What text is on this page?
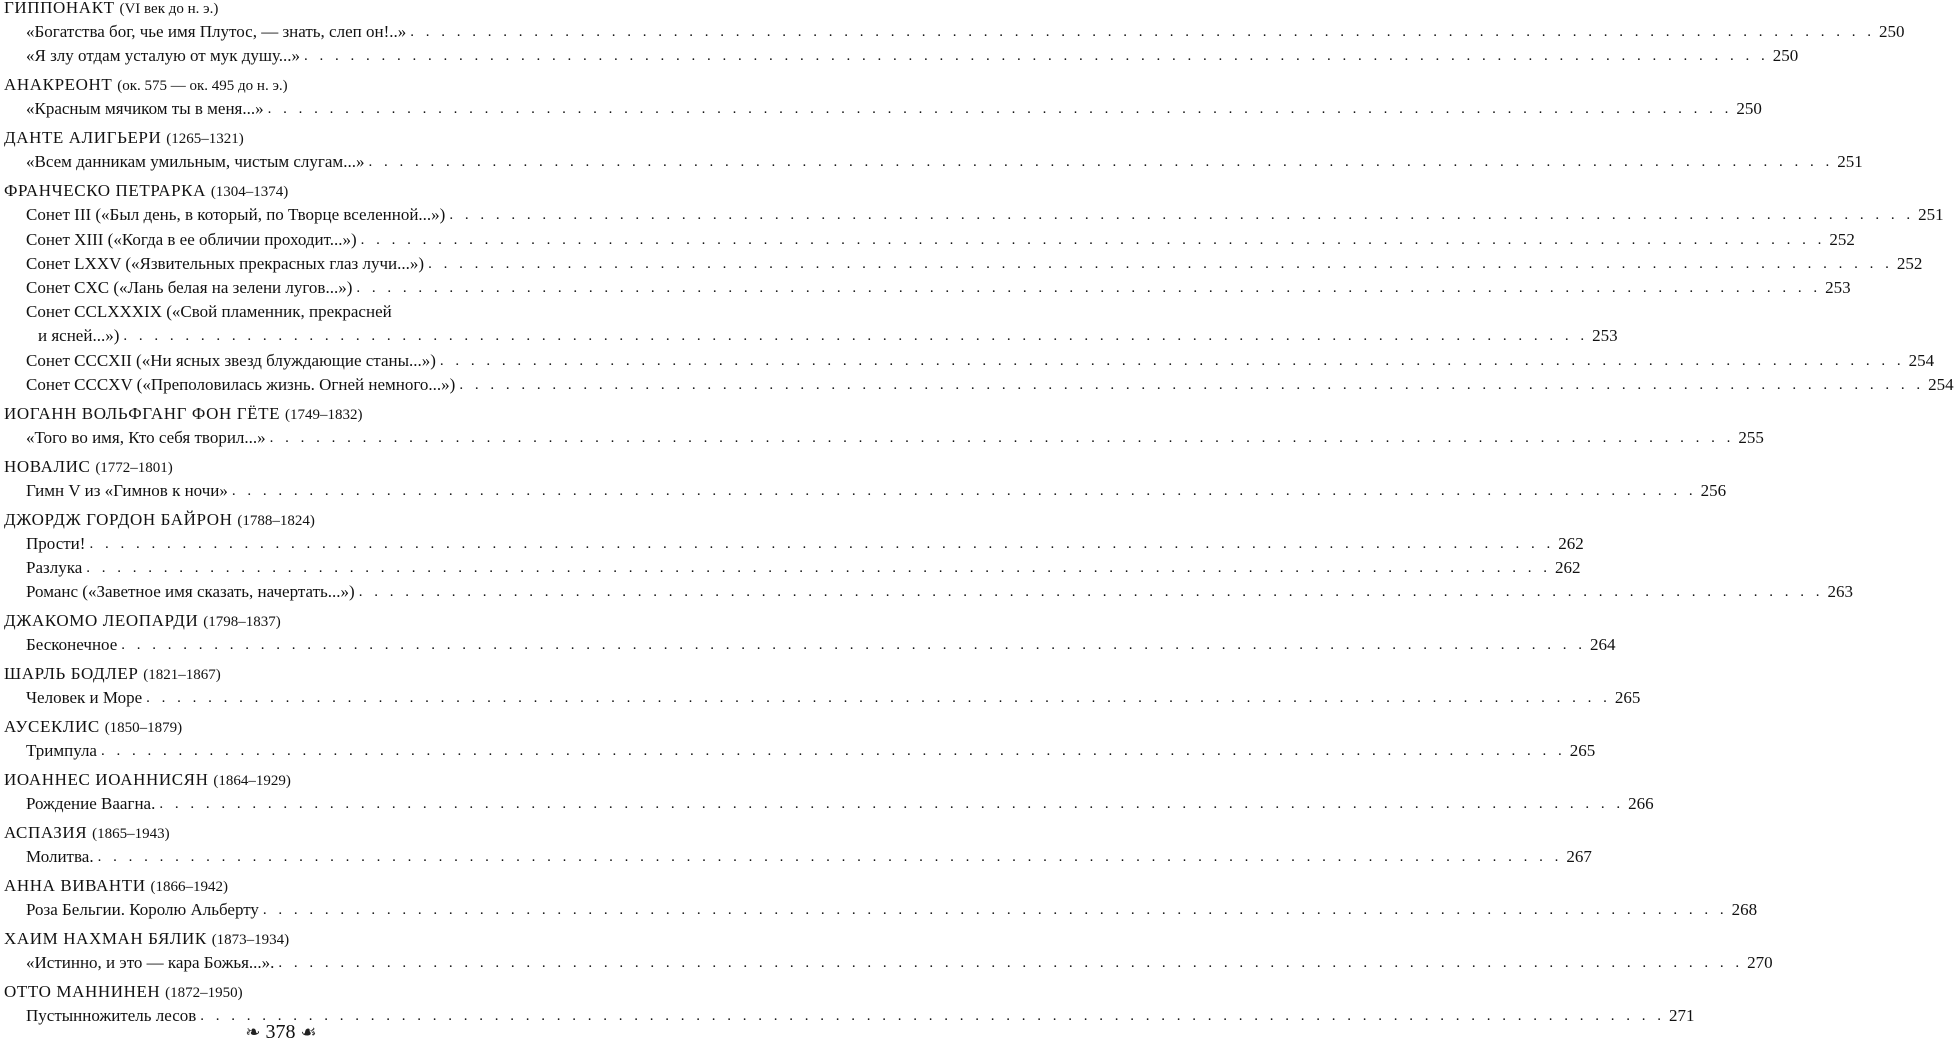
ГИППОНАКТ (VI век до н. э.)
«Богатства бог, чье имя Плутос, — знать, слеп он!..» . . .	250
«Я злу отдам усталую от мук душу...» . . .	250
АНАКРЕОНТ (ок. 575 — ок. 495 до н. э.)
«Красным мячиком ты в меня...» . . .	250
ДАНТЕ АЛИГЬЕРИ (1265–1321)
«Всем данникам умильным, чистым слугам...» . . .	251
ФРАНЧЕСКО ПЕТРАРКА (1304–1374)
Сонет III («Был день, в который, по Творце вселенной...») . . .	251
Сонет XIII («Когда в ее обличии проходит...») . . .	252
Сонет LXXV («Язвительных прекрасных глаз лучи...») . . .	252
Сонет CXC («Лань белая на зелени лугов...») . . .	253
Сонет CCLXXXIX («Свой пламенник, прекрасней
и ясней...») . . .	253
Сонет CCCXII («Ни ясных звезд блуждающие станы...») . . .	254
Сонет CCCXV («Преполовилась жизнь. Огней немного...») . . .	254
ИОГАНН ВОЛЬФГАНГ ФОН ГЁТЕ (1749–1832)
«Того во имя, Кто себя творил...» . . .	255
НОВАЛИС (1772–1801)
Гимн V из «Гимнов к ночи» . . .	256
ДЖОРДЖ ГОРДОН БАЙРОН (1788–1824)
Прости! . . .	262
Разлука . . .	262
Романс («Заветное имя сказать, начертать...») . . .	263
ДЖАКОМО ЛЕОПАРДИ (1798–1837)
Бесконечное . . .	264
ШАРЛЬ БОДЛЕР (1821–1867)
Человек и Море . . .	265
АУСЕКЛИС (1850–1879)
Тримпула . . .	265
ИОАННЕС ИОАННИСЯН (1864–1929)
Рождение Ваагна. . . .	266
АСПАЗИЯ (1865–1943)
Молитва. . . .	267
АННА ВИВАНТИ (1866–1942)
Роза Бельгии. Королю Альберту . . .	268
ХАИМ НАХМАН БЯЛИК (1873–1934)
«Истинно, и это — кара Божья...». . . .	270
ОТТО МАННИНЕН (1872–1950)
Пустынножитель лесов . . .	271
❧ 378 ☙
